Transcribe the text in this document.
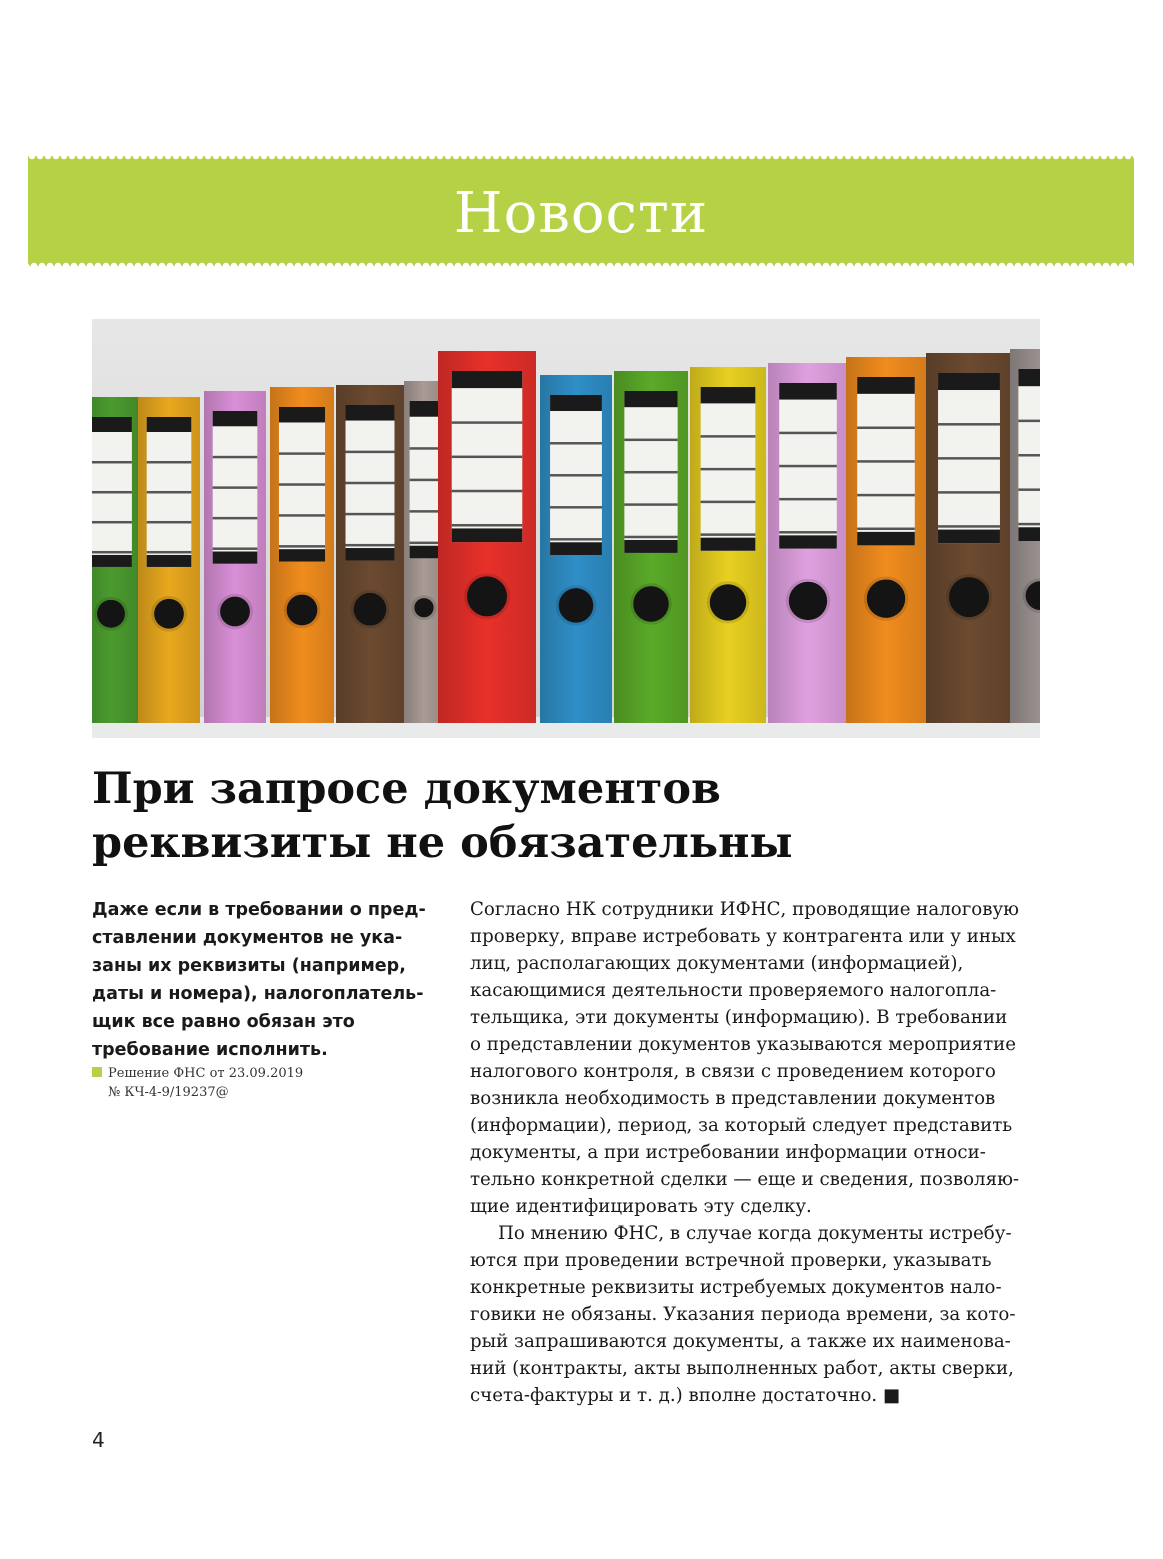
Новости
При запросе документов
реквизиты не обязательны
Даже если в требовании о пред-
ставлении документов не ука-
заны их реквизиты (например,
даты и номера), налогоплатель-
щик все равно обязан это
требование исполнить.
Решение ФНС от 23.09.2019
№ КЧ-4-9/19237@
Согласно НК сотрудники ИФНС, проводящие налоговую
проверку, вправе истребовать у контрагента или у иных
лиц, располагающих документами (информацией),
касающимися деятельности проверяемого налогопла-
тельщика, эти документы (информацию). В требовании
о представлении документов указываются мероприятие
налогового контроля, в связи с проведением которого
возникла необходимость в представлении документов
(информации), период, за который следует представить
документы, а при истребовании информации относи-
тельно конкретной сделки — еще и сведения, позволяю-
щие идентифицировать эту сделку.
По мнению ФНС, в случае когда документы истребу-
ются при проведении встречной проверки, указывать
конкретные реквизиты истребуемых документов нало-
говики не обязаны. Указания периода времени, за кото-
рый запрашиваются документы, а также их наименова-
ний (контракты, акты выполненных работ, акты сверки,
счета-фактуры и т. д.) вполне достаточно. ■
4
